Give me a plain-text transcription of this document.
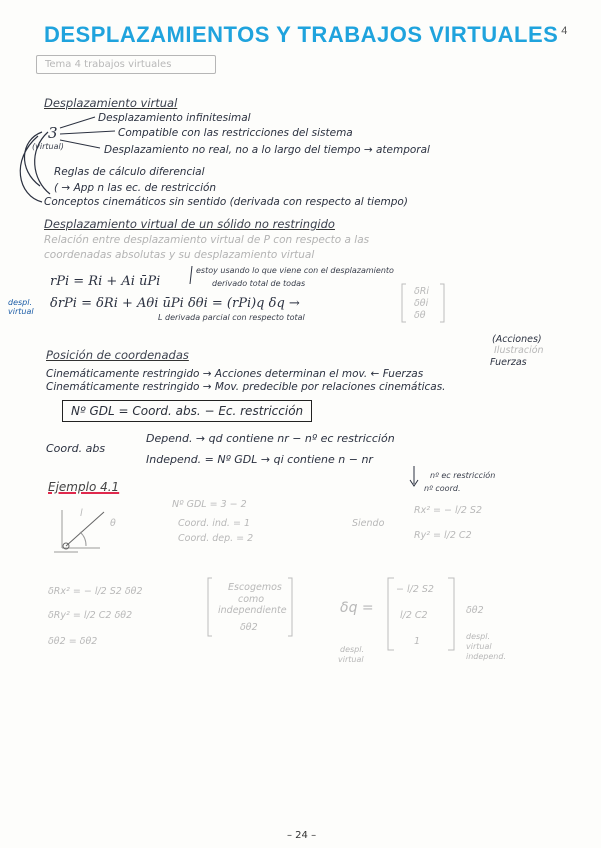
DESPLAZAMIENTOS Y TRABAJOS VIRTUALES $^4$
Tema 4 trabajos virtuales
Desplazamiento virtual
3
(virtual)
Desplazamiento infinitesimal
Compatible con las restricciones del sistema
Desplazamiento no real, no a lo largo del tiempo → atemporal
Reglas de cálculo diferencial
( → App n las ec. de restricción
Conceptos cinemáticos sin sentido (derivada con respecto al tiempo)
Desplazamiento virtual de un sólido no restringido
Relación entre desplazamiento virtual de P con respecto a las
coordenadas absolutas y su desplazamiento virtual
rPi = Ri + Ai ūPi
estoy usando lo que viene con el desplazamiento
derivado total de todas
despl. virtual
δrPi = δRi + Aθi ūPi δθi = (rPi)q δq →
L derivada parcial con respecto total
δRi
δθi
δθ
Posición de coordenadas
(Acciones)
Ilustración
Fuerzas
Cinemáticamente restringido → Acciones determinan el mov. ← Fuerzas
Cinemáticamente restringido → Mov. predecible por relaciones cinemáticas.
Nº GDL = Coord. abs. − Ec. restricción
Coord. abs
Depend. → qd contiene nr − nº ec restricción
Independ. = Nº GDL → qi contiene n − nr
nº ec restricción
nº coord.
Ejemplo 4.1
l
θ
Nº GDL = 3 − 2
Coord. ind. = 1
Coord. dep. = 2
Siendo
Rx² = − l/2 S2
Ry² = l/2 C2
δRx² = − l/2 S2 δθ2
δRy² = l/2 C2 δθ2
δθ2 = δθ2
Escogemos
como
independiente
δθ2
δq =
− l/2 S2
l/2 C2
1
δθ2
despl.
virtual
despl.
virtual
independ.
– 24 –
